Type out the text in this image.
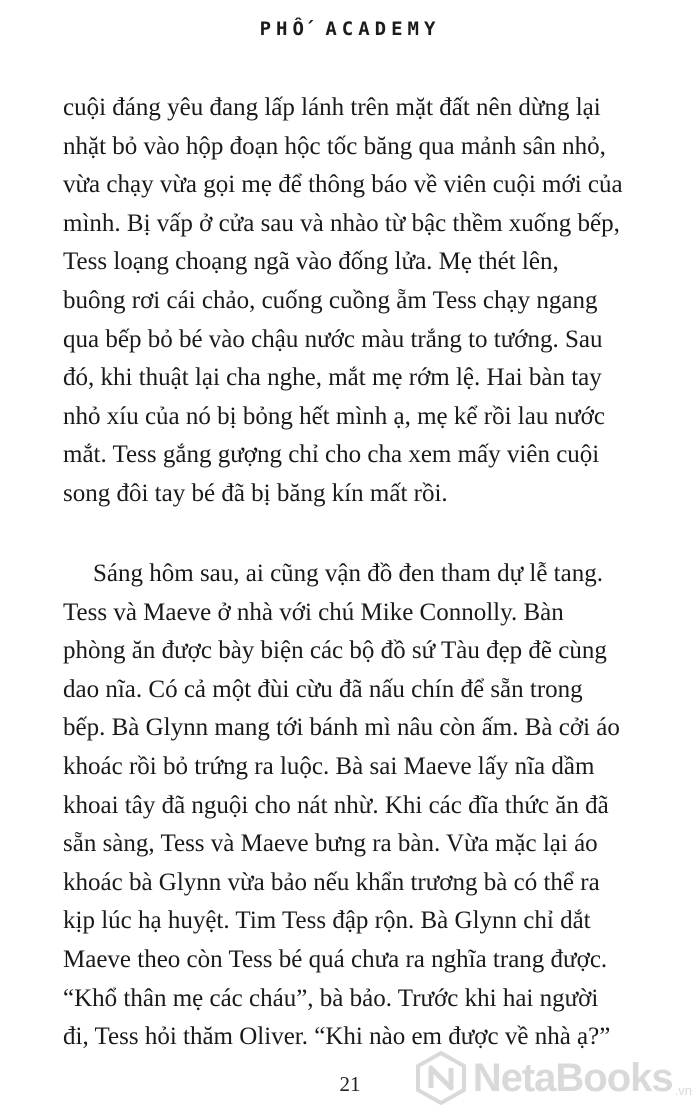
PHỐ ACADEMY
cuội đáng yêu đang lấp lánh trên mặt đất nên dừng lại
nhặt bỏ vào hộp đoạn hộc tốc băng qua mảnh sân nhỏ,
vừa chạy vừa gọi mẹ để thông báo về viên cuội mới của
mình. Bị vấp ở cửa sau và nhào từ bậc thềm xuống bếp,
Tess loạng choạng ngã vào đống lửa. Mẹ thét lên,
buông rơi cái chảo, cuống cuồng ẵm Tess chạy ngang
qua bếp bỏ bé vào chậu nước màu trắng to tướng. Sau
đó, khi thuật lại cha nghe, mắt mẹ rớm lệ. Hai bàn tay
nhỏ xíu của nó bị bỏng hết mình ạ, mẹ kể rồi lau nước
mắt. Tess gắng gượng chỉ cho cha xem mấy viên cuội
song đôi tay bé đã bị băng kín mất rồi.
Sáng hôm sau, ai cũng vận đồ đen tham dự lễ tang.
Tess và Maeve ở nhà với chú Mike Connolly. Bàn
phòng ăn được bày biện các bộ đồ sứ Tàu đẹp đẽ cùng
dao nĩa. Có cả một đùi cừu đã nấu chín để sẵn trong
bếp. Bà Glynn mang tới bánh mì nâu còn ấm. Bà cởi áo
khoác rồi bỏ trứng ra luộc. Bà sai Maeve lấy nĩa dầm
khoai tây đã nguội cho nát nhừ. Khi các đĩa thức ăn đã
sẵn sàng, Tess và Maeve bưng ra bàn. Vừa mặc lại áo
khoác bà Glynn vừa bảo nếu khẩn trương bà có thể ra
kịp lúc hạ huyệt. Tim Tess đập rộn. Bà Glynn chỉ dắt
Maeve theo còn Tess bé quá chưa ra nghĩa trang được.
“Khổ thân mẹ các cháu”, bà bảo. Trước khi hai người
đi, Tess hỏi thăm Oliver. “Khi nào em được về nhà ạ?”
21	NetaBooks .vn
